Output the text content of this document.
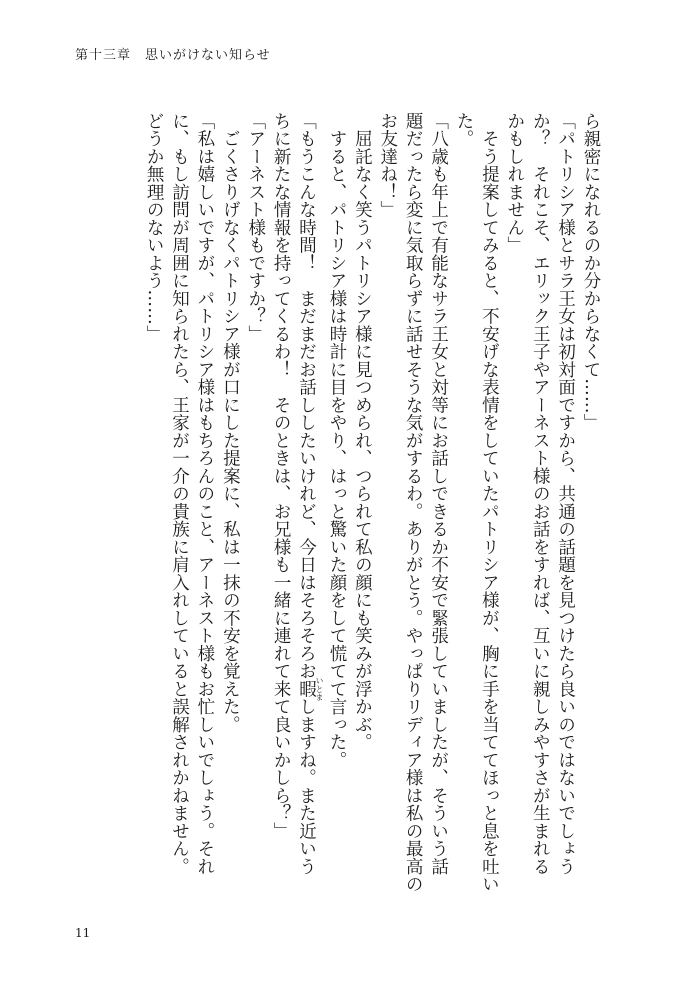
第十三章　思いがけない知らせ

ら親密になれるのか分からなくて……」

「パトリシア様とサラ王女は初対面ですから、共通の話題を見つけたら良いのではないでしょう

か？　それこそ、エリック王子やアーネスト様のお話をすれば、互いに親しみやすさが生まれる

かもしれません」

　そう提案してみると、不安げな表情をしていたパトリシア様が、胸に手を当ててほっと息を吐い

た。

「八歳も年上で有能なサラ王女と対等にお話しできるか不安で緊張していましたが、そういう話

題だったら変に気取らずに話せそうな気がするわ。ありがとう。やっぱりリディア様は私の最高の

お友達ね！」

　屈託なく笑うパトリシア様に見つめられ、つられて私の顔にも笑みが浮かぶ。

　すると、パトリシア様は時計に目をやり、はっと驚いた顔をして慌てて言った。

「もうこんな時間！　まだまだお話ししたいけれど、今日はそろそろお暇いとましますね。また近いう

ちに新たな情報を持ってくるわ！　そのときは、お兄様も一緒に連れて来て良いかしら？」

「アーネスト様もですか？」

　ごくさりげなくパトリシア様が口にした提案に、私は一抹の不安を覚えた。

「私は嬉しいですが、パトリシア様はもちろんのこと、アーネスト様もお忙しいでしょう。それ

に、もし訪問が周囲に知られたら、王家が一介の貴族に肩入れしていると誤解されかねません。

どうか無理のないよう……」

11
